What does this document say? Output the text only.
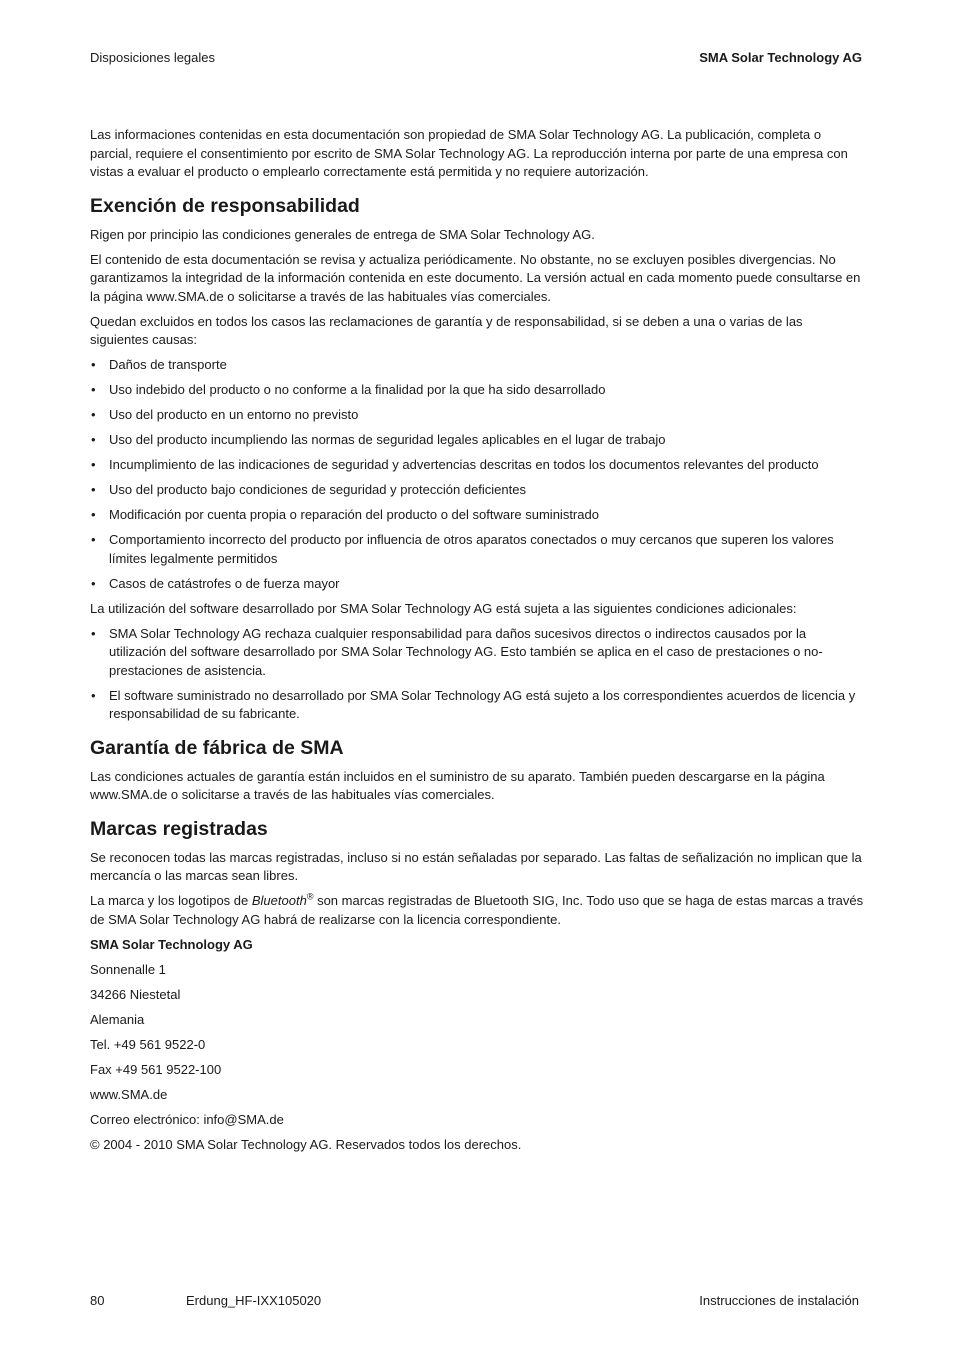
Disposiciones legales	SMA Solar Technology AG

Las informaciones contenidas en esta documentación son propiedad de SMA Solar Technology AG. La publicación, completa o parcial, requiere el consentimiento por escrito de SMA Solar Technology AG. La reproducción interna por parte de una empresa con vistas a evaluar el producto o emplearlo correctamente está permitida y no requiere autorización.

Exención de responsabilidad

Rigen por principio las condiciones generales de entrega de SMA Solar Technology AG.

El contenido de esta documentación se revisa y actualiza periódicamente. No obstante, no se excluyen posibles divergencias. No garantizamos la integridad de la información contenida en este documento. La versión actual en cada momento puede consultarse en la página www.SMA.de o solicitarse a través de las habituales vías comerciales.

Quedan excluidos en todos los casos las reclamaciones de garantía y de responsabilidad, si se deben a una o varias de las siguientes causas:

• Daños de transporte
• Uso indebido del producto o no conforme a la finalidad por la que ha sido desarrollado
• Uso del producto en un entorno no previsto
• Uso del producto incumpliendo las normas de seguridad legales aplicables en el lugar de trabajo
• Incumplimiento de las indicaciones de seguridad y advertencias descritas en todos los documentos relevantes del producto
• Uso del producto bajo condiciones de seguridad y protección deficientes
• Modificación por cuenta propia o reparación del producto o del software suministrado
• Comportamiento incorrecto del producto por influencia de otros aparatos conectados o muy cercanos que superen los valores límites legalmente permitidos
• Casos de catástrofes o de fuerza mayor

La utilización del software desarrollado por SMA Solar Technology AG está sujeta a las siguientes condiciones adicionales:

• SMA Solar Technology AG rechaza cualquier responsabilidad para daños sucesivos directos o indirectos causados por la utilización del software desarrollado por SMA Solar Technology AG. Esto también se aplica en el caso de prestaciones o no-prestaciones de asistencia.
• El software suministrado no desarrollado por SMA Solar Technology AG está sujeto a los correspondientes acuerdos de licencia y responsabilidad de su fabricante.
Garantía de fábrica de SMA

Las condiciones actuales de garantía están incluidos en el suministro de su aparato. También pueden descargarse en la página www.SMA.de o solicitarse a través de las habituales vías comerciales.

Marcas registradas

Se reconocen todas las marcas registradas, incluso si no están señaladas por separado. Las faltas de señalización no implican que la mercancía o las marcas sean libres.

La marca y los logotipos de Bluetooth® son marcas registradas de Bluetooth SIG, Inc. Todo uso que se haga de estas marcas a través de SMA Solar Technology AG habrá de realizarse con la licencia correspondiente.

SMA Solar Technology AG

Sonnenalle 1

34266 Niestetal

Alemania

Tel. +49 561 9522-0

Fax +49 561 9522-100

www.SMA.de

Correo electrónico: info@SMA.de

© 2004 - 2010 SMA Solar Technology AG. Reservados todos los derechos.

80	Erdung_HF-IXX105020	Instrucciones de instalación
